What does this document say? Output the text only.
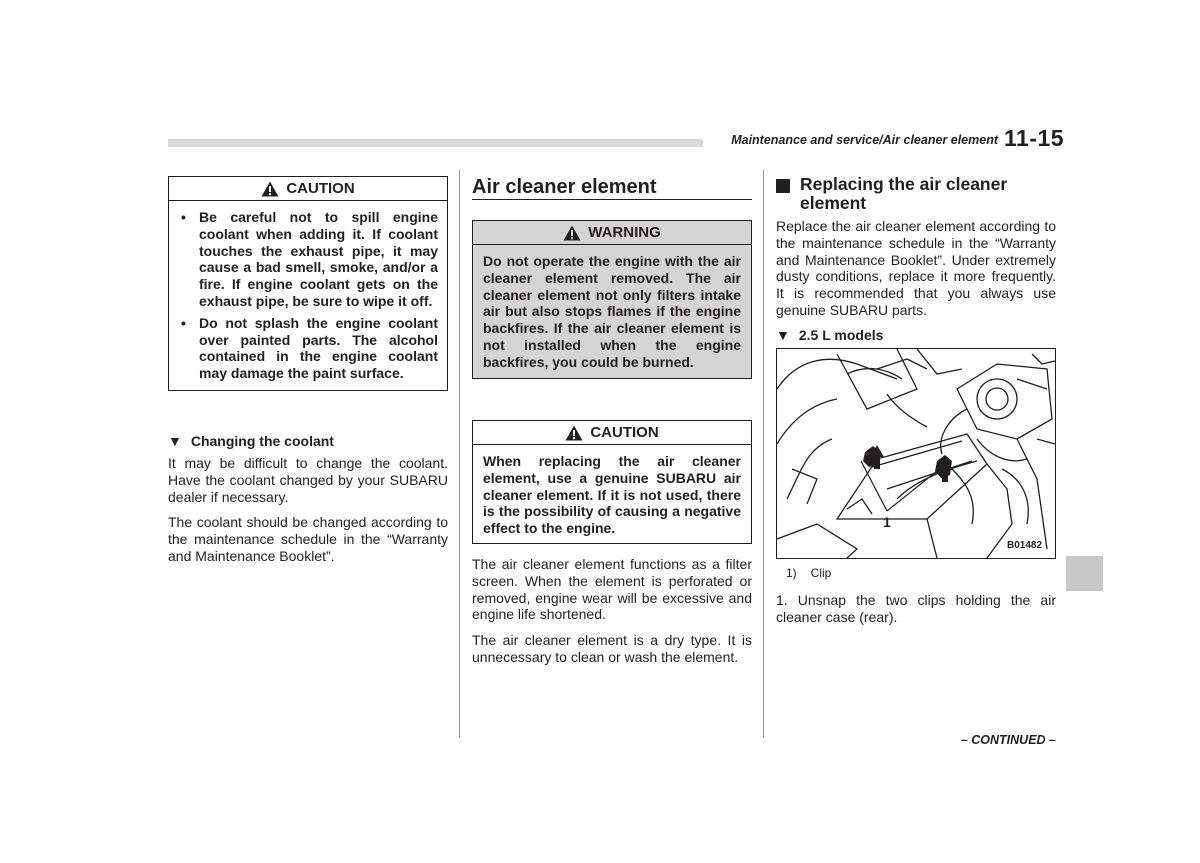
Maintenance and service/Air cleaner element 11-15
CAUTION
• Be careful not to spill engine coolant when adding it. If coolant touches the exhaust pipe, it may cause a bad smell, smoke, and/or a fire. If engine coolant gets on the exhaust pipe, be sure to wipe it off.
• Do not splash the engine coolant over painted parts. The alcohol contained in the engine coolant may damage the paint surface.
▼ Changing the coolant
It may be difficult to change the coolant. Have the coolant changed by your SUBARU dealer if necessary.
The coolant should be changed according to the maintenance schedule in the “Warranty and Maintenance Booklet”.
Air cleaner element
WARNING
Do not operate the engine with the air cleaner element removed. The air cleaner element not only filters intake air but also stops flames if the engine backfires. If the air cleaner element is not installed when the engine backfires, you could be burned.
CAUTION
When replacing the air cleaner element, use a genuine SUBARU air cleaner element. If it is not used, there is the possibility of causing a negative effect to the engine.
The air cleaner element functions as a filter screen. When the element is perforated or removed, engine wear will be excessive and engine life shortened.
The air cleaner element is a dry type. It is unnecessary to clean or wash the element.
Replacing the air cleaner element
Replace the air cleaner element according to the maintenance schedule in the “Warranty and Maintenance Booklet”. Under extremely dusty conditions, replace it more frequently. It is recommended that you always use genuine SUBARU parts.
▼ 2.5 L models
1
B01482
1) Clip
1. Unsnap the two clips holding the air cleaner case (rear).
– CONTINUED –
